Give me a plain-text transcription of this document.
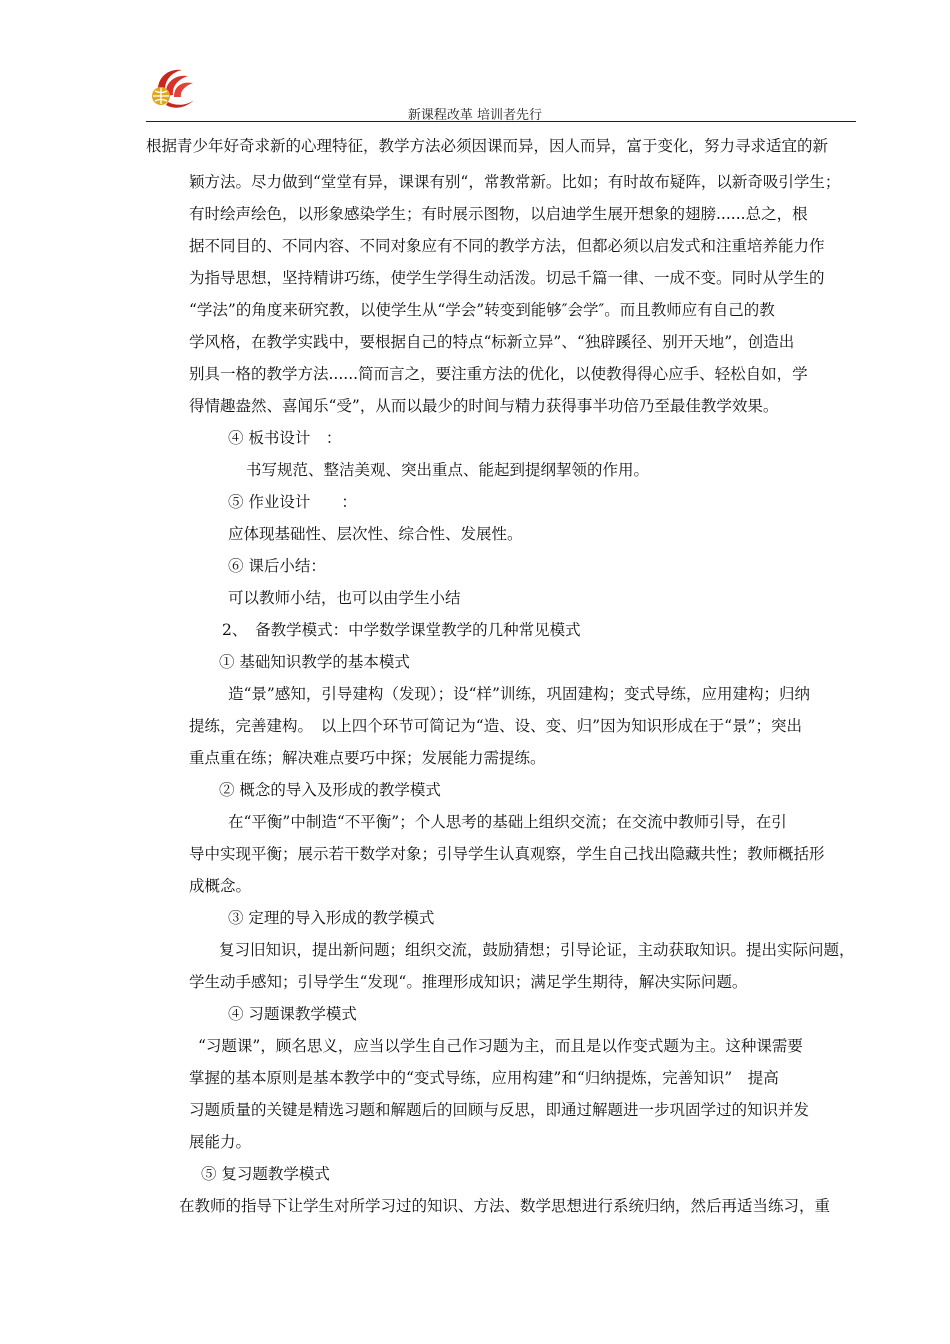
新课程改革 培训者先行
根据青少年好奇求新的心理特征，教学方法必须因课而异，因人而异，富于变化，努力寻求适宜的新
颖方法。尽力做到“堂堂有异，课课有别“，常教常新。比如；有时故布疑阵，以新奇吸引学生；
有时绘声绘色，以形象感染学生；有时展示图物，以启迪学生展开想象的翅膀......总之，根
据不同目的、不同内容、不同对象应有不同的教学方法，但都必须以启发式和注重培养能力作
为指导思想，坚持精讲巧练，使学生学得生动活泼。切忌千篇一律、一成不变。同时从学生的
“学法”的角度来研究教，以使学生从“学会”转变到能够″会学″。而且教师应有自己的教
学风格，在教学实践中，要根据自己的特点“标新立异”、“独辟蹊径、别开天地”，创造出
别具一格的教学方法......简而言之，要注重方法的优化，以使教得得心应手、轻松自如，学
得情趣盎然、喜闻乐“受”，从而以最少的时间与精力获得事半功倍乃至最佳教学效果。
④ 板书设计　：
书写规范、整洁美观、突出重点、能起到提纲挈领的作用。
⑤ 作业设计　　：
应体现基础性、层次性、综合性、发展性。
⑥ 课后小结：
可以教师小结，也可以由学生小结
2、　备教学模式：中学数学课堂教学的几种常见模式
① 基础知识教学的基本模式
造“景”感知，引导建构（发现）；设“样”训练，巩固建构；变式导练，应用建构；归纳
提练，完善建构。　以上四个环节可简记为“造、设、变、归”因为知识形成在于“景”；突出
重点重在练；解决难点要巧中探；发展能力需提练。
② 概念的导入及形成的教学模式
在“平衡”中制造“不平衡”；个人思考的基础上组织交流；在交流中教师引导，在引
导中实现平衡；展示若干数学对象；引导学生认真观察，学生自己找出隐藏共性；教师概括形
成概念。
③ 定理的导入形成的教学模式
复习旧知识，提出新问题；组织交流，鼓励猜想；引导论证，主动获取知识。提出实际问题，
学生动手感知；引导学生“发现“。推理形成知识；满足学生期待，解决实际问题。
④ 习题课教学模式
“习题课”，顾名思义，应当以学生自己作习题为主，而且是以作变式题为主。这种课需要
掌握的基本原则是基本教学中的“变式导练，应用构建”和“归纳提炼，完善知识”　提高
习题质量的关键是精选习题和解题后的回顾与反思，即通过解题进一步巩固学过的知识并发
展能力。
⑤ 复习题教学模式
在教师的指导下让学生对所学习过的知识、方法、数学思想进行系统归纳，然后再适当练习，重
